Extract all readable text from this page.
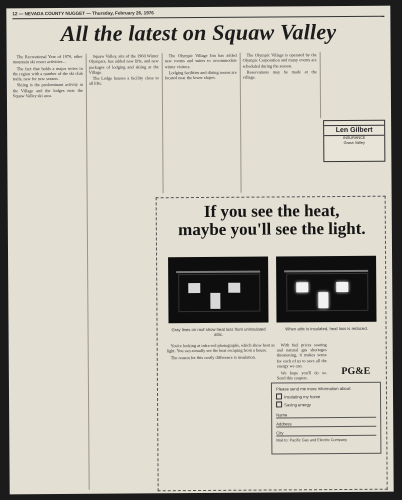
12 — NEVADA COUNTY NUGGET — Thursday, February 26, 1976
All the latest on Squaw Valley

The Recreational Year of 1976, other mountain ski resort activities...

The fact that holds a major series in the region with a number of the ski club trails, new for new season.

Skiing is the predominant activity at the Village and the lodges near the Squaw Valley ski area.

Squaw Valley, site of the 1960 Winter Olympics, has added new lifts, and new packages of lodging and skiing at the Village.

The Lodge houses a facility close to all lifts.

The Olympic Village Inn has added new rooms and suites to accommodate winter visitors.

Lodging facilities and dining rooms are located near the lower slopes.

The Olympic Village is operated by the Olympic Corporation and many events are scheduled during the season.

Reservations may be made at the village.

Len Gilbert
INSURANCE
Grass Valley
If you see the heat,
maybe you'll see the light.
Gray lines on roof show heat loss from uninsulated attic.
When attic is insulated, heat loss is reduced.

You're looking at infra-red photographs, which show heat as light. You can actually see the heat escaping from a house.

The reason for this costly difference is insulation.

With fuel prices soaring and natural gas shortages threatening, it makes sense for each of us to save all the energy we can.

We hope you'll do so. Send this coupon.

PG&E
Please send me more information about:
Insulating my home
Saving energy
Name
Address
City
Mail to: Pacific Gas and Electric Company
